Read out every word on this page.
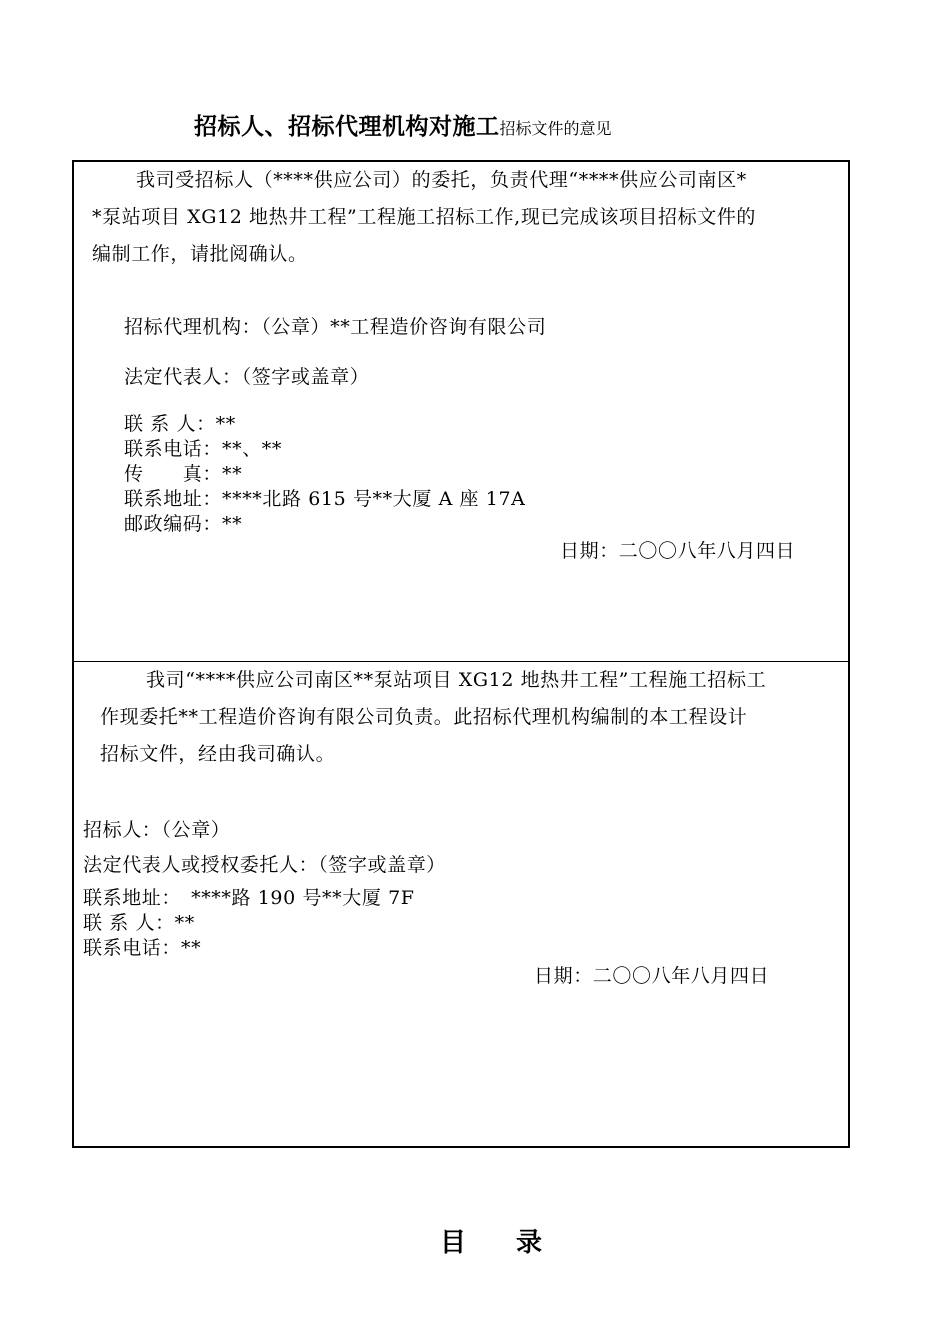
招标人、招标代理机构对施工招标文件的意见
我司受招标人（****供应公司）的委托，负责代理“****供应公司南区*
*泵站项目 XG12 地热井工程”工程施工招标工作,现已完成该项目招标文件的
编制工作，请批阅确认。
招标代理机构：（公章）**工程造价咨询有限公司
法定代表人：（签字或盖章）
联 系 人：**
联系电话：**、**
传　　真：**
联系地址：****北路 615 号**大厦 A 座 17A
邮政编码：**
日期：二〇〇八年八月四日
我司“****供应公司南区**泵站项目 XG12 地热井工程”工程施工招标工
作现委托**工程造价咨询有限公司负责。此招标代理机构编制的本工程设计
招标文件，经由我司确认。
招标人：（公章）
法定代表人或授权委托人：（签字或盖章）
联系地址：　****路 190 号**大厦 7F
联 系 人：**
联系电话：**
日期：二〇〇八年八月四日
目录
